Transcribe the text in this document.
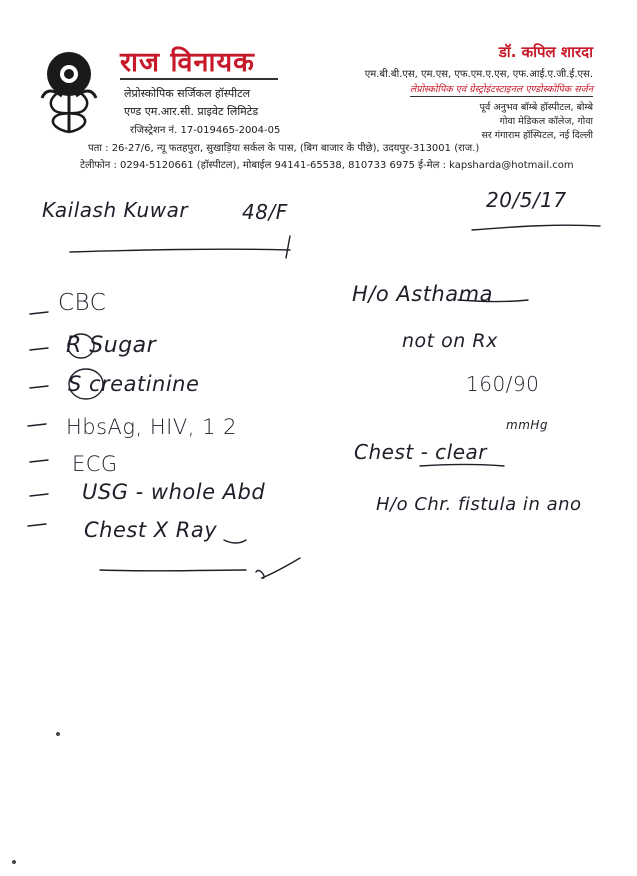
राज विनायक
लेप्रोस्कोपिक सर्जिकल हॉस्पीटल
एण्ड एम.आर.सी. प्राइवेट लिमिटेड
रजिस्ट्रेशन नं. 17-019465-2004-05
डॉ. कपिल शारदा
एम.बी.बी.एस, एम.एस, एफ.एम.ए.एस, एफ.आई.ए.जी.ई.एस.
लेप्रोस्कोपिक एवं ग्रेस्ट्रोइंटस्टाइनल एण्डोस्कोपिक सर्जन
पूर्व अनुभव बॉम्बे हॉस्पीटल, बोम्बे
गोवा मेडिकल कॉलेज, गोवा
सर गंगाराम हॉस्पिटल, नई दिल्ली
पता : 26-27/6, न्यू फतहपुरा, सुखाड़िया सर्कल के पास, (बिग बाजार के पीछे), उदयपुर-313001 (राज.)
टेलीफोन : 0294-5120661 (हॉस्पीटल), मोबाईल 94141-65538, 810733 6975 ई-मेल : kapsharda@hotmail.com
Kailash Kuwar	48/F	20/5/17
CBC
R Sugar
S creatinine
HbsAg, HIV, 1 2
ECG
USG - whole Abd
Chest X Ray
H/o Asthama
not on Rx
160/90
mmHg
Chest - clear
H/o Chr. fistula in ano
